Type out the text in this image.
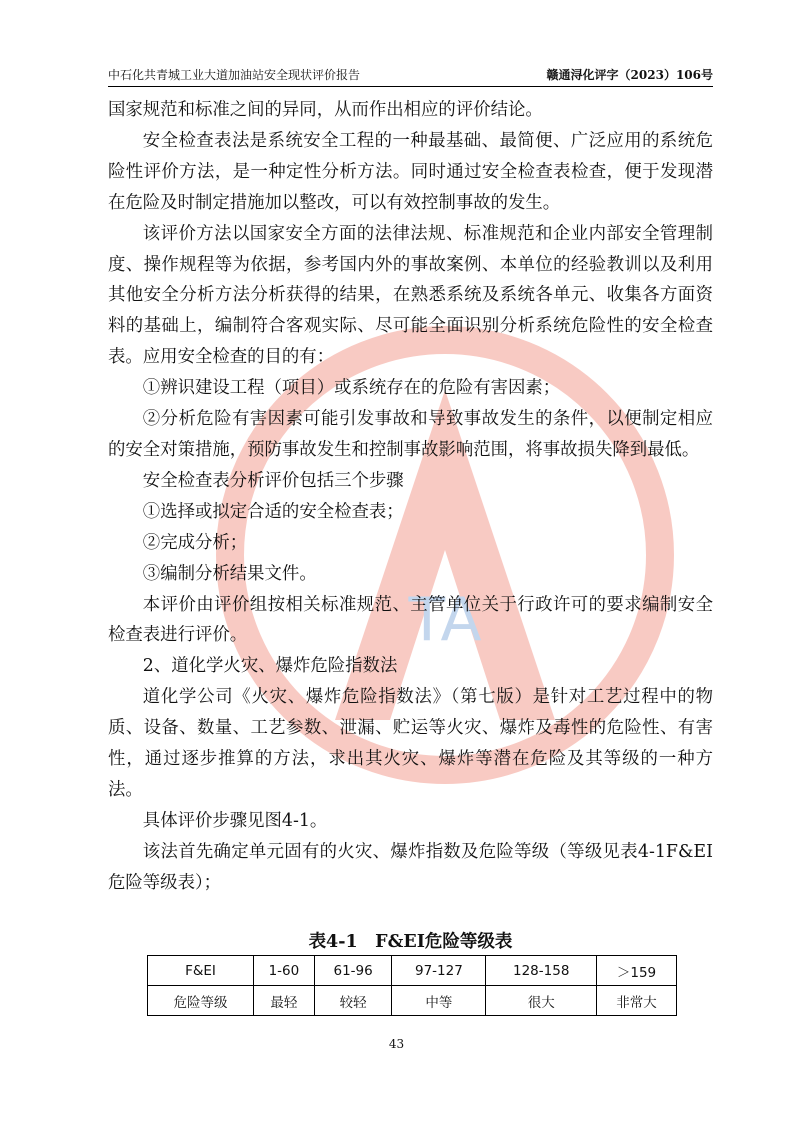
TA
中石化共青城工业大道加油站安全现状评价报告	赣通浔化评字（2023）106号

国家规范和标准之间的异同，从而作出相应的评价结论。

安全检查表法是系统安全工程的一种最基础、最简便、广泛应用的系统危险性评价方法，是一种定性分析方法。同时通过安全检查表检查，便于发现潜在危险及时制定措施加以整改，可以有效控制事故的发生。

该评价方法以国家安全方面的法律法规、标准规范和企业内部安全管理制度、操作规程等为依据，参考国内外的事故案例、本单位的经验教训以及利用其他安全分析方法分析获得的结果，在熟悉系统及系统各单元、收集各方面资料的基础上，编制符合客观实际、尽可能全面识别分析系统危险性的安全检查表。应用安全检查的目的有：

①辨识建设工程（项目）或系统存在的危险有害因素；

②分析危险有害因素可能引发事故和导致事故发生的条件，以便制定相应的安全对策措施，预防事故发生和控制事故影响范围，将事故损失降到最低。

安全检查表分析评价包括三个步骤

①选择或拟定合适的安全检查表；

②完成分析；

③编制分析结果文件。

本评价由评价组按相关标准规范、主管单位关于行政许可的要求编制安全检查表进行评价。

2、道化学火灾、爆炸危险指数法

道化学公司《火灾、爆炸危险指数法》（第七版）是针对工艺过程中的物质、设备、数量、工艺参数、泄漏、贮运等火灾、爆炸及毒性的危险性、有害性，通过逐步推算的方法，求出其火灾、爆炸等潜在危险及其等级的一种方法。

具体评价步骤见图4-1。

该法首先确定单元固有的火灾、爆炸指数及危险等级（等级见表4-1F&EI危险等级表）；

表4-1　F&EI危险等级表
F&EI	1-60	61-96	97-127	128-158	＞159
危险等级	最轻	较轻	中等	很大	非常大
43
